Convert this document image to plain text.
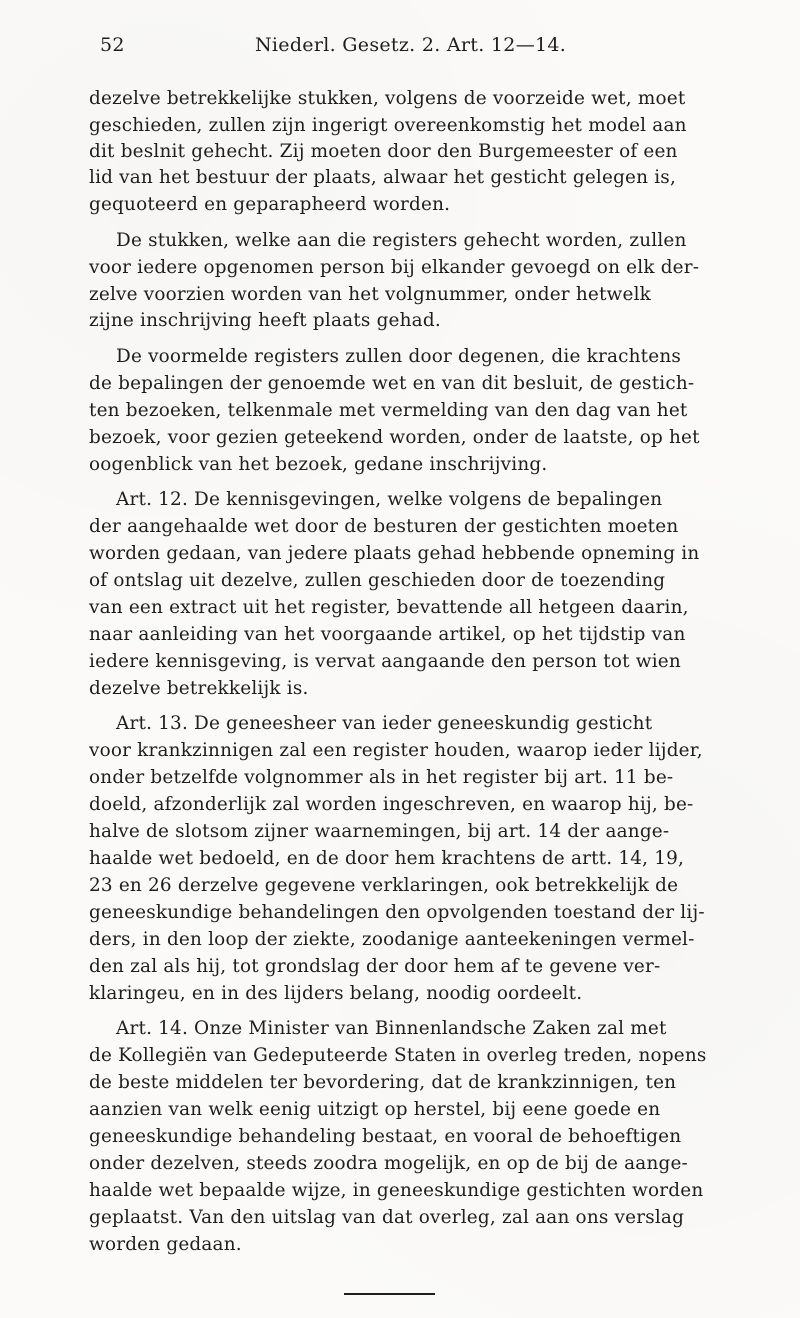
52	Niederl. Gesetz. 2. Art. 12—14.
dezelve betrekkelijke stukken, volgens de voorzeide wet, moet
geschieden, zullen zijn ingerigt overeenkomstig het model aan
dit beslnit gehecht. Zij moeten door den Burgemeester of een
lid van het bestuur der plaats, alwaar het gesticht gelegen is,
gequoteerd en geparapheerd worden.
De stukken, welke aan die registers gehecht worden, zullen
voor iedere opgenomen person bij elkander gevoegd on elk der-
zelve voorzien worden van het volgnummer, onder hetwelk
zijne inschrijving heeft plaats gehad.
De voormelde registers zullen door degenen, die krachtens
de bepalingen der genoemde wet en van dit besluit, de gestich-
ten bezoeken, telkenmale met vermelding van den dag van het
bezoek, voor gezien geteekend worden, onder de laatste, op het
oogenblick van het bezoek, gedane inschrijving.
Art. 12. De kennisgevingen, welke volgens de bepalingen
der aangehaalde wet door de besturen der gestichten moeten
worden gedaan, van jedere plaats gehad hebbende opneming in
of ontslag uit dezelve, zullen geschieden door de toezending
van een extract uit het register, bevattende all hetgeen daarin,
naar aanleiding van het voorgaande artikel, op het tijdstip van
iedere kennisgeving, is vervat aangaande den person tot wien
dezelve betrekkelijk is.
Art. 13. De geneesheer van ieder geneeskundig gesticht
voor krankzinnigen zal een register houden, waarop ieder lijder,
onder betzelfde volgnommer als in het register bij art. 11 be-
doeld, afzonderlijk zal worden ingeschreven, en waarop hij, be-
halve de slotsom zijner waarnemingen, bij art. 14 der aange-
haalde wet bedoeld, en de door hem krachtens de artt. 14, 19,
23 en 26 derzelve gegevene verklaringen, ook betrekkelijk de
geneeskundige behandelingen den opvolgenden toestand der lij-
ders, in den loop der ziekte, zoodanige aanteekeningen vermel-
den zal als hij, tot grondslag der door hem af te gevene ver-
klaringeu, en in des lijders belang, noodig oordeelt.
Art. 14. Onze Minister van Binnenlandsche Zaken zal met
de Kollegiën van Gedeputeerde Staten in overleg treden, nopens
de beste middelen ter bevordering, dat de krankzinnigen, ten
aanzien van welk eenig uitzigt op herstel, bij eene goede en
geneeskundige behandeling bestaat, en vooral de behoeftigen
onder dezelven, steeds zoodra mogelijk, en op de bij de aange-
haalde wet bepaalde wijze, in geneeskundige gestichten worden
geplaatst. Van den uitslag van dat overleg, zal aan ons verslag
worden gedaan.
